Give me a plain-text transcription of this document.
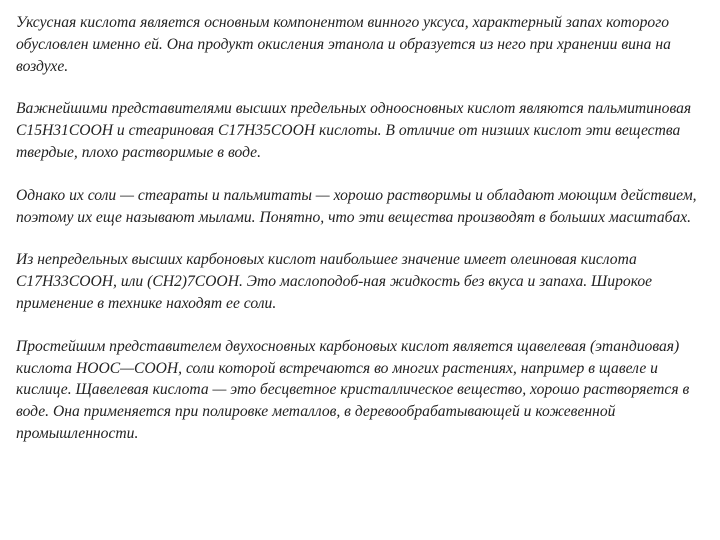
Уксусная кислота является основным компонентом винного уксуса, характерный запах которого обусловлен именно ей. Она продукт окисления этанола и образуется из него при хранении вина на воздухе.

Важнейшими представителями высших предельных одноосновных кислот являются пальмитиновая С15Н31СООН и стеариновая С17Н35СООН кислоты. В отличие от низших кислот эти вещества твердые, плохо растворимые в воде.

Однако их соли — стеараты и пальмитаты — хорошо растворимы и обладают моющим действием, поэтому их еще называют мылами. Понятно, что эти вещества производят в больших масштабах.

Из непредельных высших карбоновых кислот наибольшее значение имеет олеиновая кислота С17Н33СООН, или (СН2)7СООН. Это маслоподоб-ная жидкость без вкуса и запаха. Широкое применение в технике находят ее соли.

Простейшим представителем двухосновных карбоновых кислот является щавелевая (этандиовая) кислота НООС—СООН, соли которой встречаются во многих растениях, например в щавеле и кислице. Щавелевая кислота — это бесцветное кристаллическое вещество, хорошо растворяется в воде. Она применяется при полировке металлов, в деревообрабатывающей и кожевенной промышленности.
